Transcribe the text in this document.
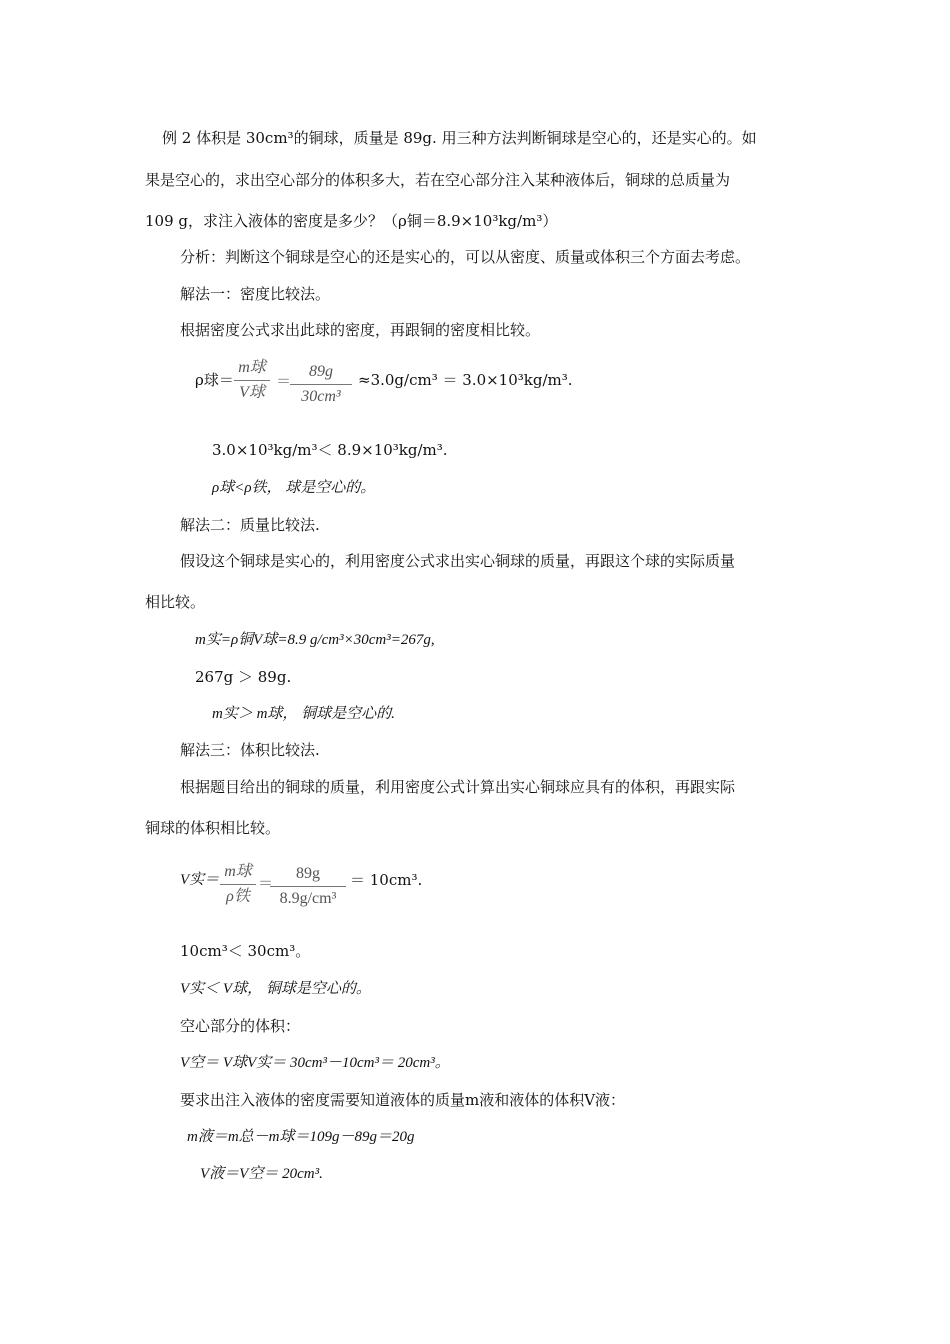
例 2 体积是 30cm³的铜球，质量是 89g. 用三种方法判断铜球是空心的，还是实心的。如
果是空心的，求出空心部分的体积多大，若在空心部分注入某种液体后，铜球的总质量为
109 g，求注入液体的密度是多少？（ρ铜＝8.9×10³kg/m³）
分析：判断这个铜球是空心的还是实心的，可以从密度、质量或体积三个方面去考虑。
解法一：密度比较法。
根据密度公式求出此球的密度，再跟铜的密度相比较。
ρ球＝
m球
V球
＝
89g
30cm³
≈3.0g/cm³ ＝ 3.0×10³kg/m³.
3.0×10³kg/m³＜ 8.9×10³kg/m³.
ρ球<ρ铁， 球是空心的。
解法二：质量比较法.
假设这个铜球是实心的，利用密度公式求出实心铜球的质量，再跟这个球的实际质量
相比较。
m实=ρ铜V球=8.9 g/cm³×30cm³=267g,
267g ＞ 89g.
m实＞ m球， 铜球是空心的.
解法三：体积比较法.
根据题目给出的铜球的质量，利用密度公式计算出实心铜球应具有的体积，再跟实际
铜球的体积相比较。
V实＝ m球
ρ铁
＝
89g
8.9g/cm³
＝ 10cm³.
10cm³＜ 30cm³。
V实＜ V球， 铜球是空心的。
空心部分的体积：
V空＝ V球V实＝ 30cm³－10cm³＝ 20cm³。
要求出注入液体的密度需要知道液体的质量m液和液体的体积V液：
m液＝m总－m球＝109g－89g＝20g
V液＝V空＝ 20cm³.
